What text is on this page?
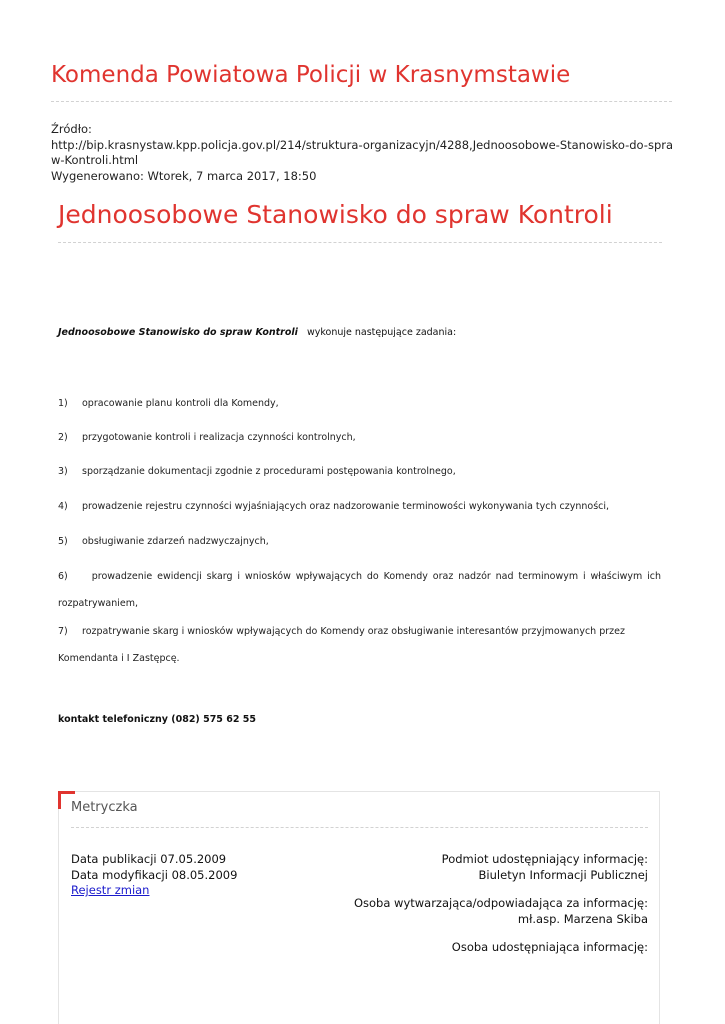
Komenda Powiatowa Policji w Krasnymstawie
Źródło:
http://bip.krasnystaw.kpp.policja.gov.pl/214/struktura-organizacyjn/4288,Jednoosobowe-Stanowisko-do-spraw-Kontroli.html
Wygenerowano: Wtorek, 7 marca 2017, 18:50
Jednoosobowe Stanowisko do spraw Kontroli
Jednoosobowe Stanowisko do spraw Kontroli wykonuje następujące zadania:
1) opracowanie planu kontroli dla Komendy,
2) przygotowanie kontroli i realizacja czynności kontrolnych,
3) sporządzanie dokumentacji zgodnie z procedurami postępowania kontrolnego,
4) prowadzenie rejestru czynności wyjaśniających oraz nadzorowanie terminowości wykonywania tych czynności,
5) obsługiwanie zdarzeń nadzwyczajnych,
6)  prowadzenie ewidencji skarg i wniosków wpływających do Komendy oraz nadzór nad terminowym i właściwym ich rozpatrywaniem,
7) rozpatrywanie skarg i wniosków wpływających do Komendy oraz obsługiwanie interesantów przyjmowanych przez Komendanta i I Zastępcę.
kontakt telefoniczny (082) 575 62 55
Metryczka
Data publikacji 07.05.2009
Data modyfikacji 08.05.2009
Rejestr zmian
Podmiot udostępniający informację:
Biuletyn Informacji Publicznej
Osoba wytwarzająca/odpowiadająca za informację:
mł.asp. Marzena Skiba
Osoba udostępniająca informację:
